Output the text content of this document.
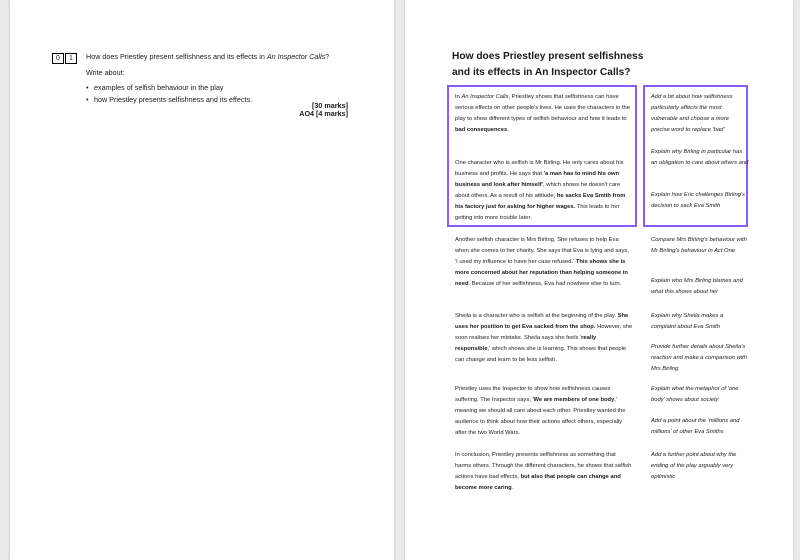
0	1	How does Priestley present selfishness and its effects in An Inspector Calls?
Write about:
• examples of selfish behaviour in the play
• how Priestley presents selfishness and its effects.
[30 marks]
AO4 [4 marks]
How does Priestley present selfishness
and its effects in An Inspector Calls?
In An Inspector Calls, Priestley shows that selfishness can have serious effects on other people's lives. He uses the characters in the play to show different types of selfish behaviour and how it leads to bad consequences.
One character who is selfish is Mr Birling. He only cares about his business and profits. He says that 'a man has to mind his own business and look after himself', which shows he doesn't care about others. As a result of his attitude, he sacks Eva Smith from his factory just for asking for higher wages. This leads to her getting into more trouble later.
Another selfish character is Mrs Birling. She refuses to help Eva when she comes to her charity. She says that Eva is lying and says, 'I used my influence to have her case refused.' This shows she is more concerned about her reputation than helping someone in need. Because of her selfishness, Eva had nowhere else to turn.
Sheila is a character who is selfish at the beginning of the play. She uses her position to get Eva sacked from the shop. However, she soon realises her mistake. Sheila says she feels 'really responsible,' which shows she is learning. This shows that people can change and learn to be less selfish.
Priestley uses the Inspector to show how selfishness causes suffering. The Inspector says, 'We are members of one body,' meaning we should all care about each other. Priestley wanted the audience to think about how their actions affect others, especially after the two World Wars.
In conclusion, Priestley presents selfishness as something that harms others. Through the different characters, he shows that selfish actions have bad effects, but also that people can change and become more caring.
Add a bit about how selfishness particularly affects the most vulnerable and choose a more precise word to replace 'bad'
Explain why Birling in particular has an obligation to care about others and
Explain how Eric challenges Birling's decision to sack Eva Smith
Compare Mrs Birling's behaviour with Mr Birling's behaviour in Act One
Explain who Mrs Birling blames and what this shows about her
Explain why Sheila makes a complaint about Eva Smith
Provide further details about Sheila's reaction and make a comparison with Mrs Birling
Explain what the metaphor of 'one body' shows about society
Add a point about the 'millions and millions' of other Eva Smiths
Add a further point about why the ending of the play arguably very optimistic
